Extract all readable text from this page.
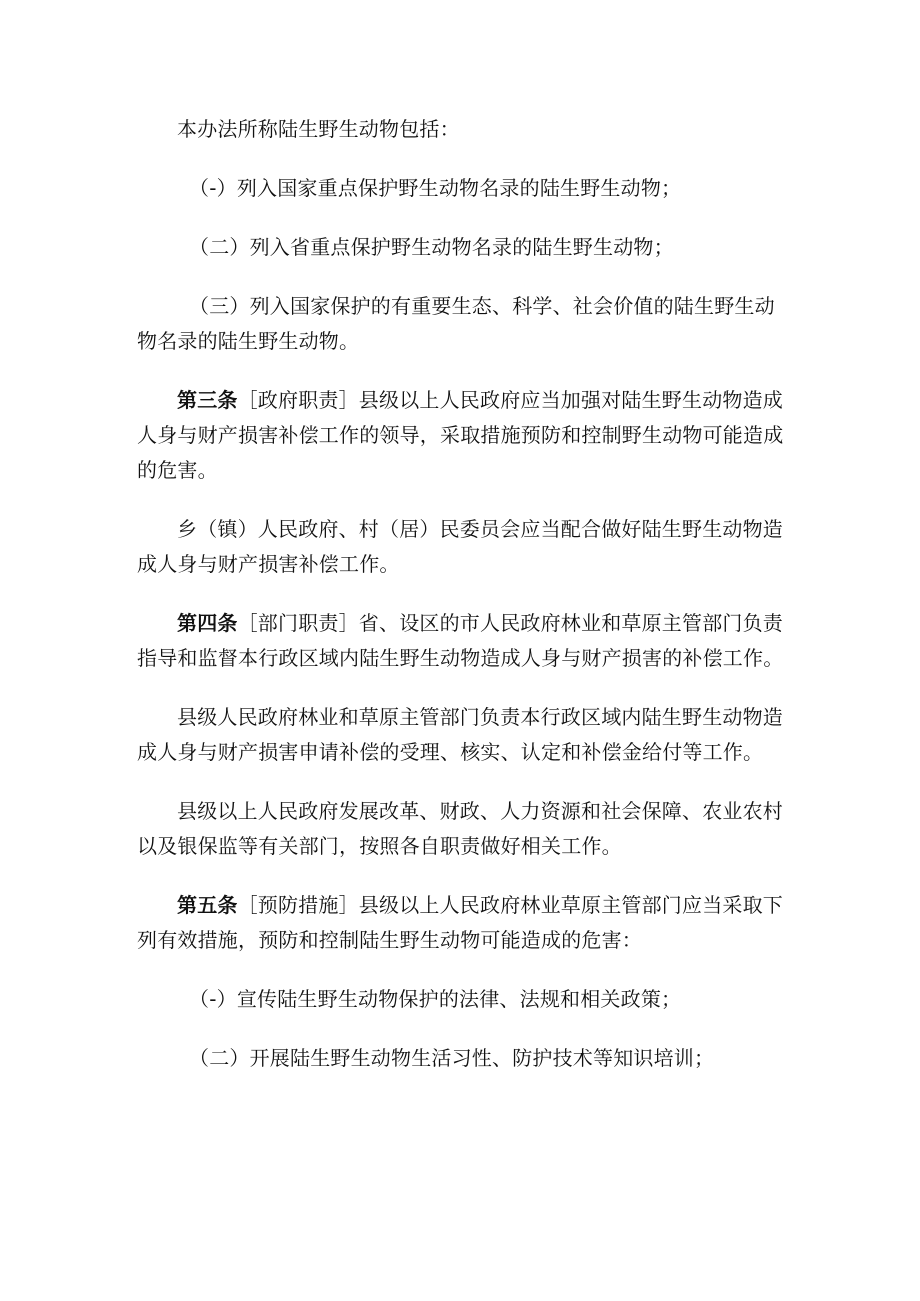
本办法所称陆生野生动物包括：

（-）列入国家重点保护野生动物名录的陆生野生动物；

（二）列入省重点保护野生动物名录的陆生野生动物；

（三）列入国家保护的有重要生态、科学、社会价值的陆生野生动物名录的陆生野生动物。

第三条［政府职责］县级以上人民政府应当加强对陆生野生动物造成人身与财产损害补偿工作的领导，采取措施预防和控制野生动物可能造成的危害。

乡（镇）人民政府、村（居）民委员会应当配合做好陆生野生动物造成人身与财产损害补偿工作。

第四条［部门职责］省、设区的市人民政府林业和草原主管部门负责指导和监督本行政区域内陆生野生动物造成人身与财产损害的补偿工作。

县级人民政府林业和草原主管部门负责本行政区域内陆生野生动物造成人身与财产损害申请补偿的受理、核实、认定和补偿金给付等工作。

县级以上人民政府发展改革、财政、人力资源和社会保障、农业农村以及银保监等有关部门，按照各自职责做好相关工作。

第五条［预防措施］县级以上人民政府林业草原主管部门应当采取下列有效措施，预防和控制陆生野生动物可能造成的危害：

（-）宣传陆生野生动物保护的法律、法规和相关政策；

（二）开展陆生野生动物生活习性、防护技术等知识培训；
